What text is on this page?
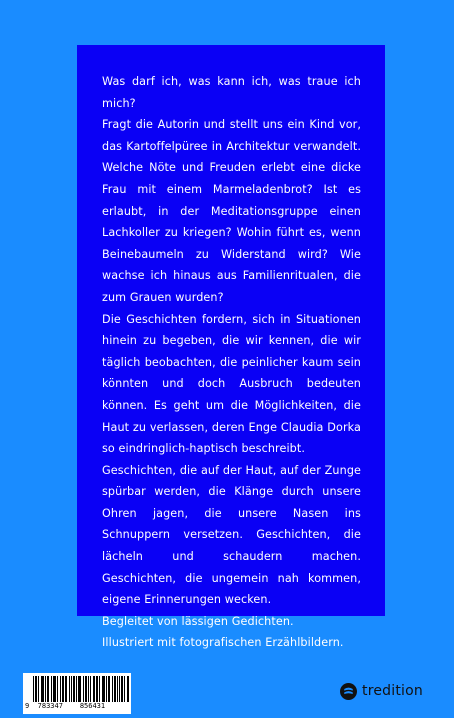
Was darf ich, was kann ich, was traue ich mich?

Fragt die Autorin und stellt uns ein Kind vor, das Kartoffelpüree in Architektur verwandelt. Welche Nöte und Freuden erlebt eine dicke Frau mit einem Marmeladenbrot? Ist es erlaubt, in der Meditationsgruppe einen Lachkoller zu kriegen? Wohin führt es, wenn Beinebaumeln zu Widerstand wird? Wie wachse ich hinaus aus Familienritualen, die zum Grauen wurden?

Die Geschichten fordern, sich in Situationen hinein zu begeben, die wir kennen, die wir täglich beobachten, die peinlicher kaum sein könnten und doch Ausbruch bedeuten können. Es geht um die Möglichkeiten, die Haut zu verlassen, deren Enge Claudia Dorka so eindringlich-haptisch beschreibt.

Geschichten, die auf der Haut, auf der Zunge spürbar werden, die Klänge durch unsere Ohren jagen, die unsere Nasen ins Schnuppern versetzen. Geschichten, die lächeln und schaudern machen. Geschichten, die ungemein nah kommen, eigene Erinnerungen wecken.

Begleitet von lässigen Gedichten.

Illustriert mit fotografischen Erzählbildern.

9 783347 856431
tredition
